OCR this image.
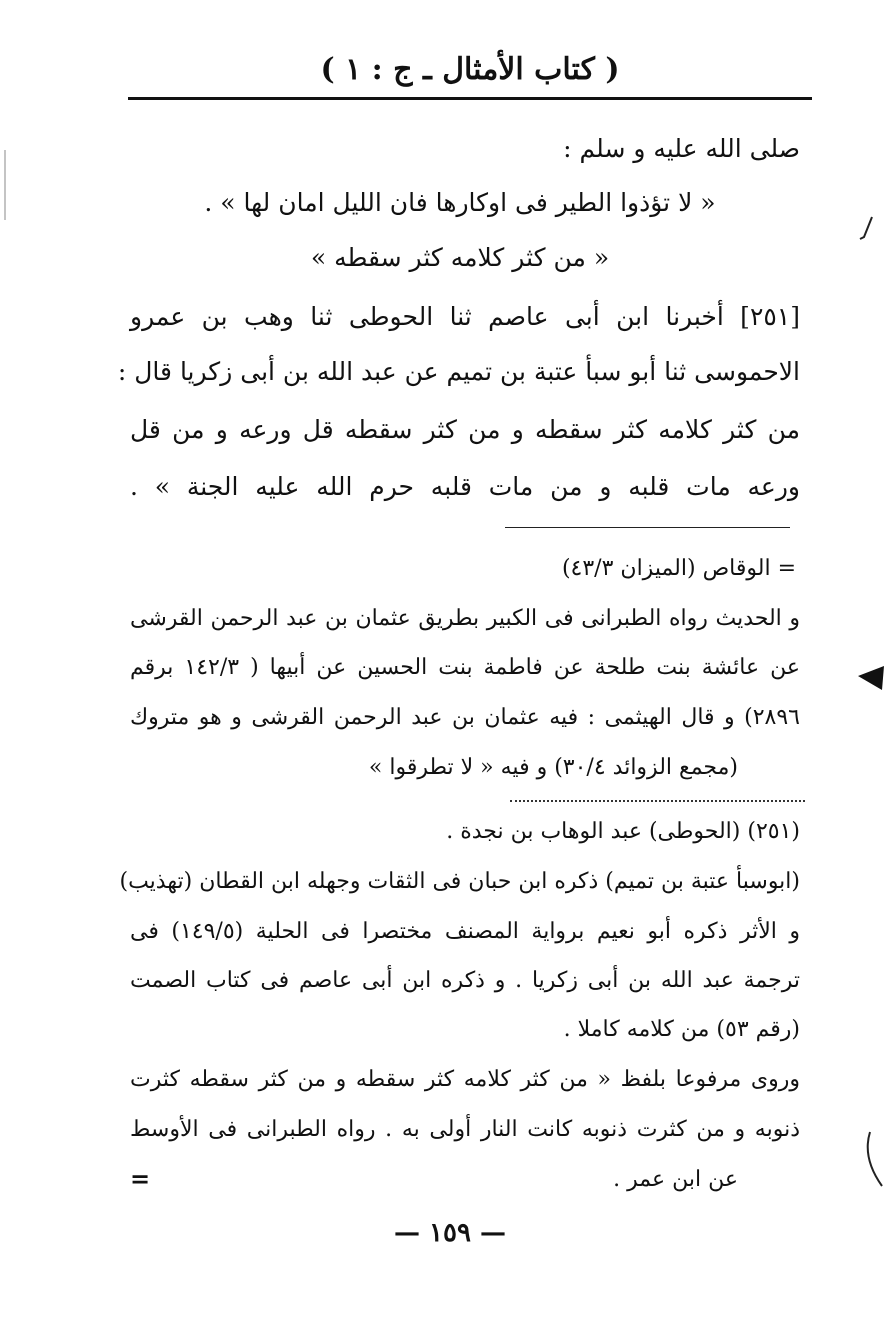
( كتاب الأمثال ـ ج : ١ )
صلى الله عليه و سلم :
« لا تؤذوا الطير فى اوكارها فان الليل امان لها » .
« من كثر كلامه كثر سقطه »
[٢٥١] أخبرنا ابن أبى عاصم ثنا الحوطى ثنا وهب بن عمرو
الاحموسى ثنا أبو سبأ عتبة بن تميم عن عبد الله بن أبى زكريا قال :
من كثر كلامه كثر سقطه و من كثر سقطه قل ورعه و من قل
ورعه مات قلبه و من مات قلبه حرم الله عليه الجنة » .
= الوقاص (الميزان ٤٣/٣)
و الحديث رواه الطبرانى فى الكبير بطريق عثمان بن عبد الرحمن القرشى
عن عائشة بنت طلحة عن فاطمة بنت الحسين عن أبيها ( ١٤٢/٣ برقم
٢٨٩٦) و قال الهيثمى : فيه عثمان بن عبد الرحمن القرشى و هو متروك
(مجمع الزوائد ٣٠/٤) و فيه « لا تطرقوا »
(٢٥١) (الحوطى) عبد الوهاب بن نجدة .
(ابوسبأ عتبة بن تميم) ذكره ابن حبان فى الثقات وجهله ابن القطان (تهذيب)
و الأثر ذكره أبو نعيم برواية المصنف مختصرا فى الحلية (١٤٩/٥) فى
ترجمة عبد الله بن أبى زكريا . و ذكره ابن أبى عاصم فى كتاب الصمت
(رقم ٥٣) من كلامه كاملا .
وروى مرفوعا بلفظ « من كثر كلامه كثر سقطه و من كثر سقطه كثرت
ذنوبه و من كثرت ذنوبه كانت النار أولى به . رواه الطبرانى فى الأوسط
عن ابن عمر .
=
— ١٥٩ —
